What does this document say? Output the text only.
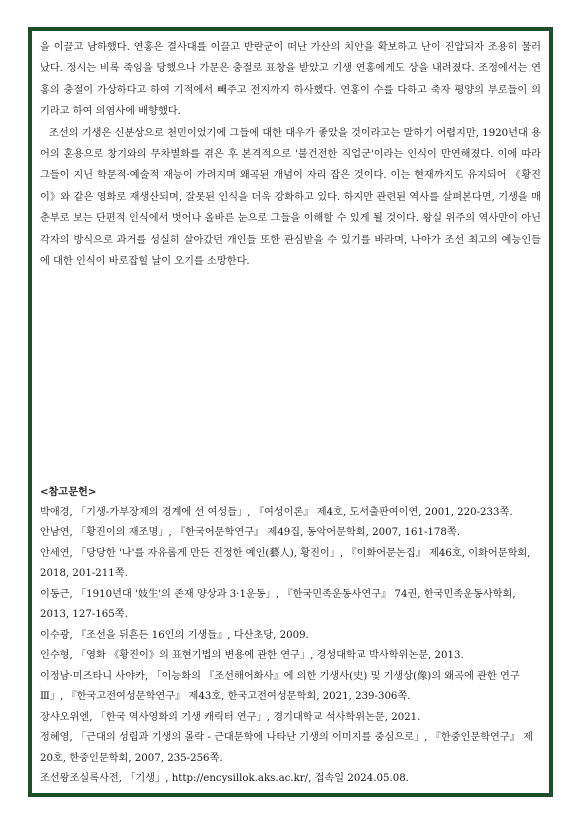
을 이끌고 남하했다. 연홍은 결사대를 이끌고 반란군이 떠난 가산의 치안을 확보하고 난이 진압되자 조용히 물러났다. 정시는 비록 죽임을 당했으나 가문은 충절로 표창을 받았고 기생 연홍에게도 상을 내려졌다. 조정에서는 연홍의 충절이 가상하다고 하여 기적에서 빼주고 전지까지 하사했다. 연홍이 수를 다하고 죽자 평양의 부로들이 의기라고 하여 의염사에 배향했다.

조선의 기생은 신분상으로 천민이었기에 그들에 대한 대우가 좋았을 것이라고는 말하기 어렵지만, 1920년대 용어의 혼용으로 창기와의 무차별화를 겪은 후 본격적으로 '불건전한 직업군'이라는 인식이 만연해졌다. 이에 따라 그들이 지닌 학문적·예술적 재능이 가려지며 왜곡된 개념이 자리 잡은 것이다. 이는 현재까지도 유지되어 《황진이》와 같은 영화로 재생산되며, 잘못된 인식을 더욱 강화하고 있다. 하지만 관련된 역사를 살펴본다면, 기생을 매춘부로 보는 단편적 인식에서 벗어나 올바른 눈으로 그들을 이해할 수 있게 될 것이다. 왕실 위주의 역사만이 아닌 각자의 방식으로 과거를 성실히 살아갔던 개인들 또한 관심받을 수 있기를 바라며, 나아가 조선 최고의 예능인들에 대한 인식이 바로잡힐 날이 오기를 소망한다.

<참고문헌>

박애경, 「기생-가부장제의 경계에 선 여성들」, 『여성이론』 제4호, 도서출판여이연, 2001, 220-233쪽.

안남연, 「황진이의 재조명」, 『한국어문학연구』 제49집, 동악어문학회, 2007, 161-178쪽.

안세연, 「당당한 '나'를 자유롭게 만든 진정한 예인(藝人), 황진이」, 『이화어문논집』 제46호, 이화어문학회, 2018, 201-211쪽.

이동근, 「1910년대 '妓生'의 존재 양상과 3·1운동」, 『한국민족운동사연구』 74권, 한국민족운동사학회, 2013, 127-165쪽.

이수광, 『조선을 뒤흔든 16인의 기생들』, 다산초당, 2009.

인수형, 「영화 《황진이》의 표현기법의 변용에 관한 연구」, 경성대학교 박사학위논문, 2013.

이정남·미즈타니 사야카, 「이능화의 『조선해어화사』에 의한 기생사(史) 및 기생상(像)의 왜곡에 관한 연구 Ⅲ」, 『한국고전여성문학연구』 제43호, 한국고전여성문학회, 2021, 239-306쪽.

장샤오위엔, 「한국 역사영화의 기생 캐릭터 연구」, 경기대학교 석사학위논문, 2021.

정혜영, 「근대의 성립과 기생의 몰락 - 근대문학에 나타난 기생의 이미지를 중심으로」, 『한중인문학연구』 제20호, 한중인문학회, 2007, 235-256쪽.

조선왕조실록사전, 「기생」, http://encysillok.aks.ac.kr/, 접속일 2024.05.08.
